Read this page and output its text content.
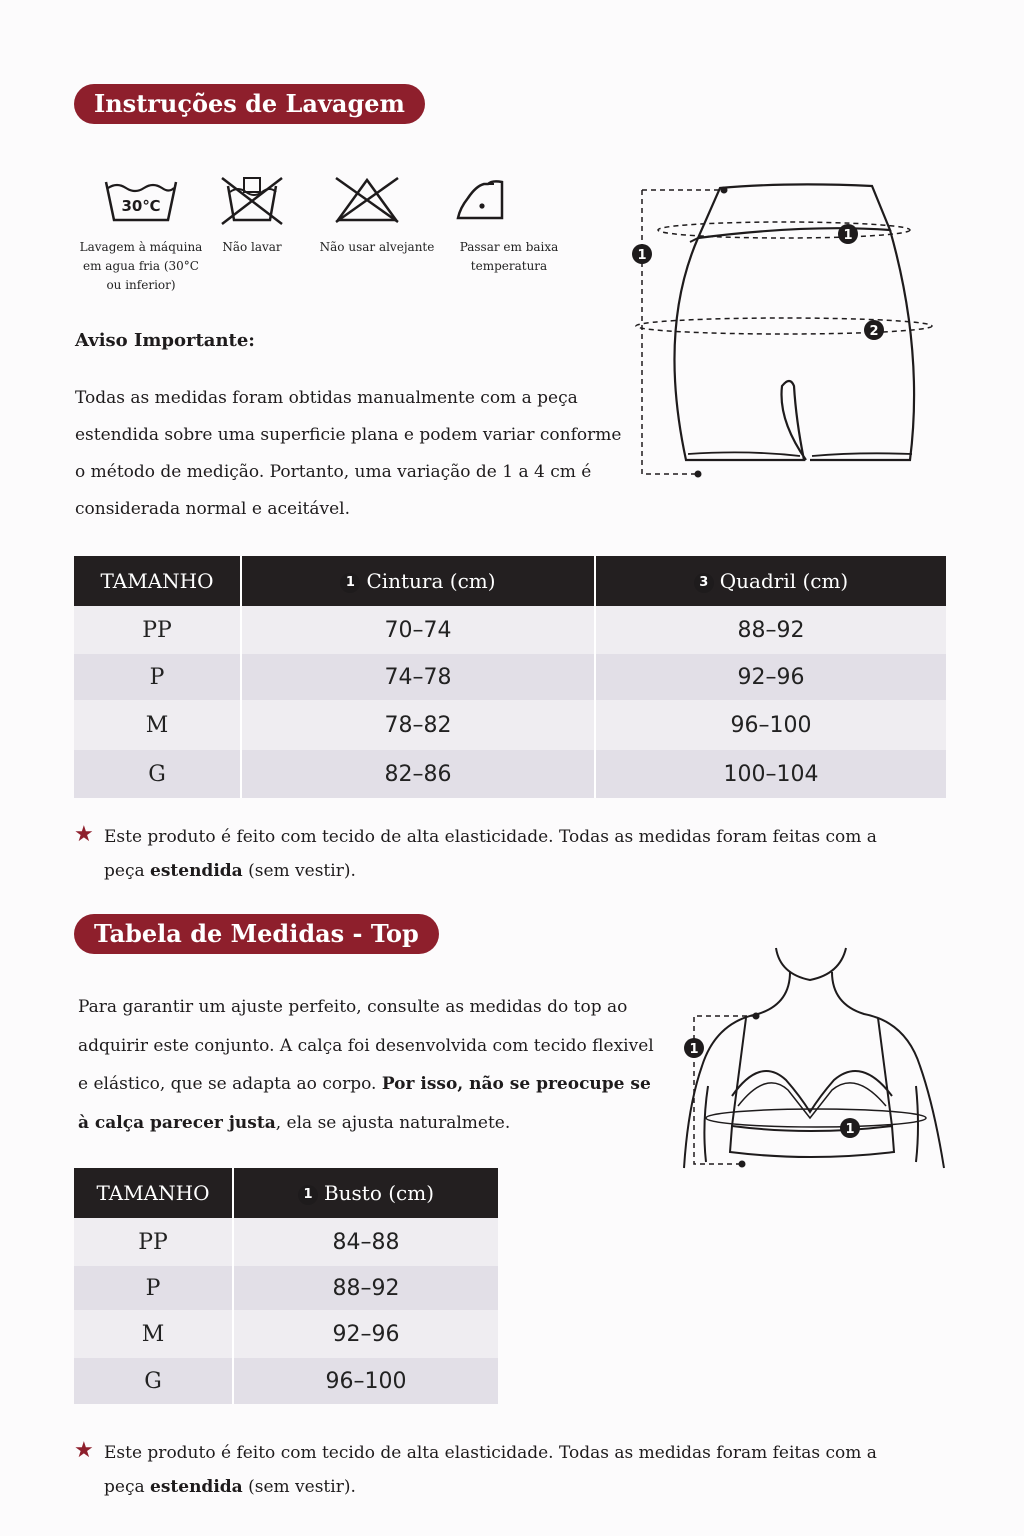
Instruções de Lavagem
30℃
Lavagem à máquina em agua fria (30°C ou inferior)
Não lavar	Não usar alvejante	Passar em baixa temperatura
Aviso Importante:
Todas as medidas foram obtidas manualmente com a peça estendida sobre uma superficie plana e podem variar conforme o método de medição. Portanto, uma variação de 1 a 4 cm é considerada normal e aceitável.
1
1
2
TAMANHO	1 Cintura (cm)	3 Quadril (cm)
PP	70–74	88–92
P	74–78	92–96
M	78–82	96–100
G	82–86	100–104
★ Este produto é feito com tecido de alta elasticidade. Todas as medidas foram feitas com a peça estendida (sem vestir).
Tabela de Medidas - Top
Para garantir um ajuste perfeito, consulte as medidas do top ao adquirir este conjunto. A calça foi desenvolvida com tecido flexivel e elástico, que se adapta ao corpo. Por isso, não se preocupe se à calça parecer justa, ela se ajusta naturalmete.
1
1
TAMANHO	1 Busto (cm)
PP	84–88
P	88–92
M	92–96
G	96–100
★ Este produto é feito com tecido de alta elasticidade. Todas as medidas foram feitas com a peça estendida (sem vestir).
